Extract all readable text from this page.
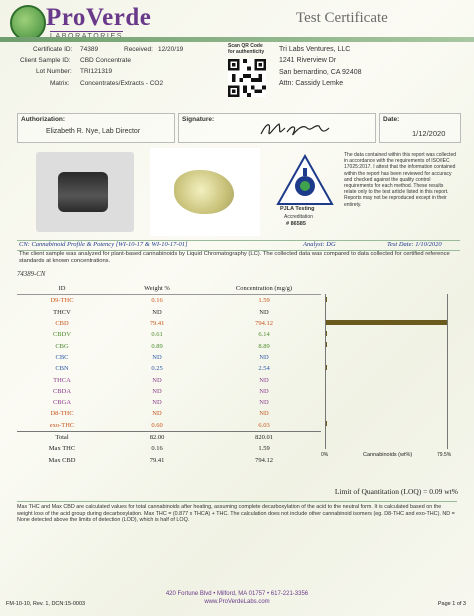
ProVerde	Test Certificate
Certificate ID: 74389	Received: 12/20/19	Scan QR Code for authenticity
Client Sample ID: CBD Concentrate
Lot Number: TRI121319
Matrix: Concentrates/Extracts - CO2
Tri Labs Ventures, LLC
1241 Riverview Dr
San bernardino, CA 92408
Attn: Cassidy Lemke
Authorization:
Elizabeth R. Nye, Lab Director
Signature:	Date:
1/12/2020
PJLA Testing
Accreditation
# 86585
The data contained within this report was collected in accordance with the requirements of ISO/IEC 17025:2017. I attest that the information contained within the report has been reviewed for accuracy and checked against the quality control requirements for each method. These results relate only to the test article listed in this report. Reports may not be reproduced except in their entirety.
CN: Cannabinoid Profile & Potency [WI-10-17 & WI-10-17-01]	Analyst: DG	Test Date: 1/10/2020
The client sample was analyzed for plant-based cannabinoids by Liquid Chromatography (LC). The collected data was compared to data collected for certified reference standards at known concentrations.
74389-CN
ID	Weight %	Concentration (mg/g)
D9-THC	0.16	1.59
THCV	ND	ND
CBD	79.41	794.12
CBDV	0.61	6.14
CBG	0.89	8.89
CBC	ND	ND
CBN	0.25	2.54
THCA	ND	ND
CBDA	ND	ND
CBGA	ND	ND
D8-THC	ND	ND
exo-THC	0.60	6.03
Total	82.00	820.01
Max THC	0.16	1.59
Max CBD	79.41	794.12
0%	Cannabinoids (wt%)	79.5%
Limit of Quantitation (LOQ) = 0.09 wt%
Max THC and Max CBD are calculated values for total cannabinoids after heating, assuming complete decarboxylation of the acid to the neutral form. It is calculated based on the weight loss of the acid group during decarboxylation. Max THC = (0.877 x THCA) + THC. The calculation does not include other cannabinoid isomers (eg. D8-THC and exo-THC). ND = None detected above the limits of detection (LOD), which is half of LOQ.
420 Fortune Blvd • Milford, MA 01757 • 617-221-3356
www.ProVerdeLabs.com
FM-10-10, Rev. 1, DCN:15-0003	Page 1 of 3
